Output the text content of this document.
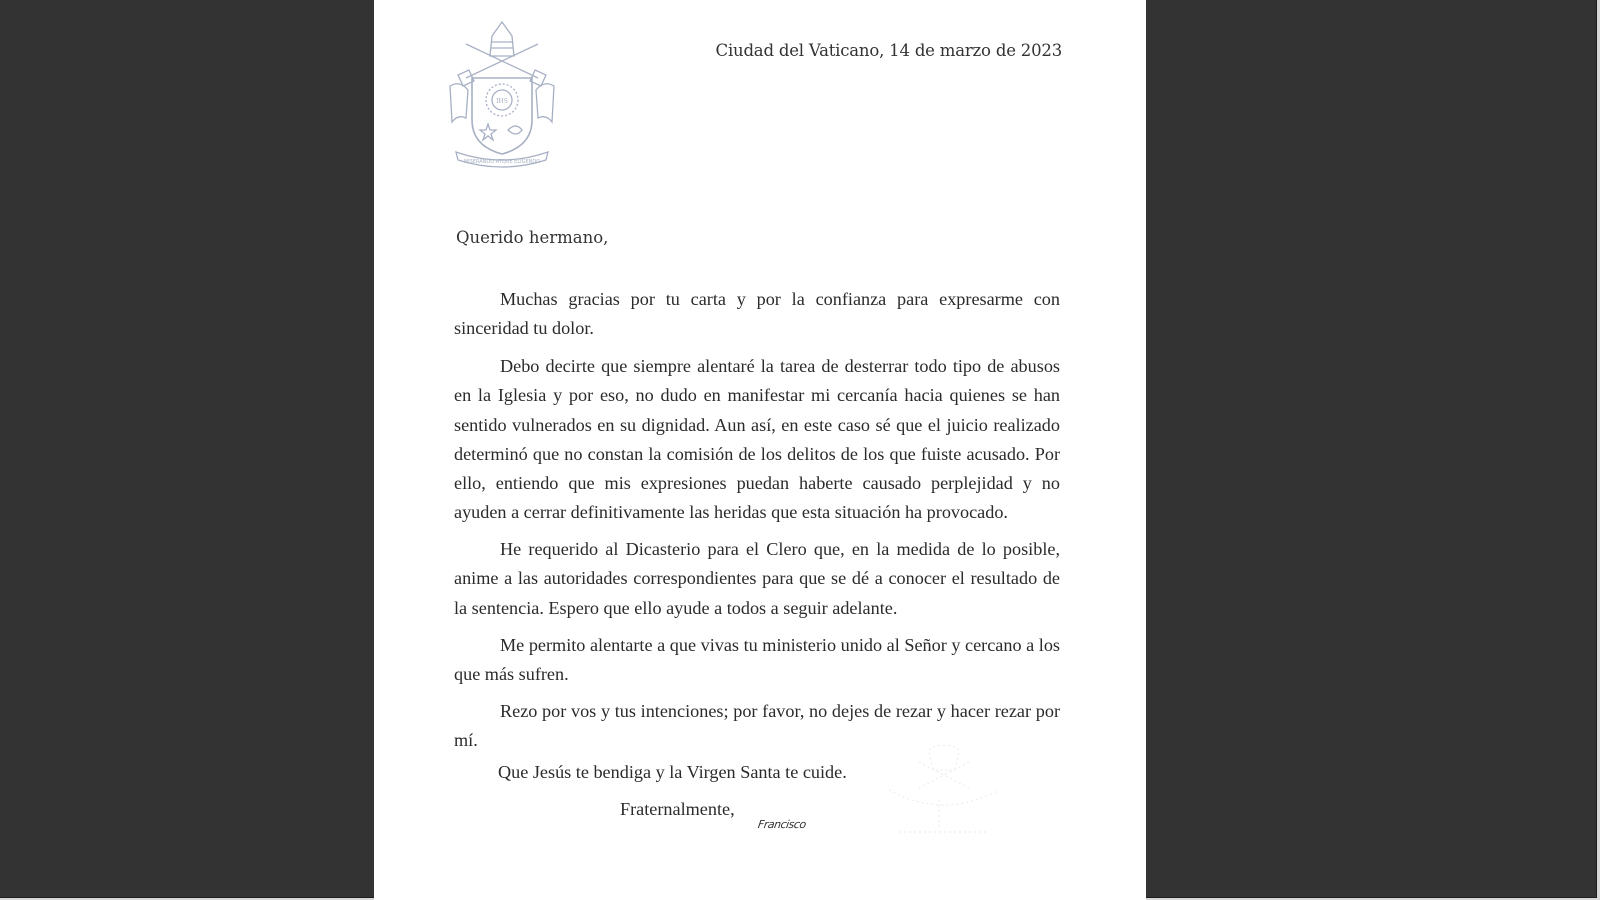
IHS
MISERANDO ATQUE ELIGENDO
Ciudad del Vaticano, 14 de marzo de 2023
Querido hermano,

Muchas gracias por tu carta y por la confianza para expresarme con sinceridad tu dolor.

Debo decirte que siempre alentaré la tarea de desterrar todo tipo de abusos en la Iglesia y por eso, no dudo en manifestar mi cercanía hacia quienes se han sentido vulnerados en su dignidad. Aun así, en este caso sé que el juicio realizado determinó que no constan la comisión de los delitos de los que fuiste acusado. Por ello, entiendo que mis expresiones puedan haberte causado perplejidad y no ayuden a cerrar definitivamente las heridas que esta situación ha provocado.

He requerido al Dicasterio para el Clero que, en la medida de lo posible, anime a las autoridades correspondientes para que se dé a conocer el resultado de la sentencia. Espero que ello ayude a todos a seguir adelante.

Me permito alentarte a que vivas tu ministerio unido al Señor y cercano a los que más sufren.

Rezo por vos y tus intenciones; por favor, no dejes de rezar y hacer rezar por mí.

Que Jesús te bendiga y la Virgen Santa te cuide.
Fraternalmente,
Francisco
